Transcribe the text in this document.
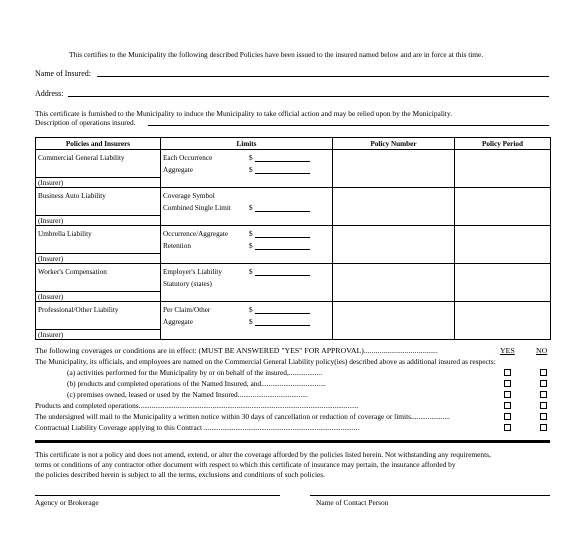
This certifies to the Municipality the following described Policies have been issued to the insured named below and are in force at this time.
Name of Insured:
Address:
This certificate is furnished to the Municipality to induce the Municipality to take official action and may be relied upon by the Municipality.
Description of operations insured.
Policies and Insurers	Limits	Policy Number	Policy Period

Commercial General Liability
(Insurer)	Each Occurrence $
Aggregate $		

Business Auto Liability
(Insurer)	Coverage Symbol
Combined Single Limit $		

Umbrella Liability
(Insurer)	Occurrence/Aggregate $
Retention $		

Worker's Compensation
(Insurer)	Employer's Liability $
Statutory (states)		

Professional/Other Liability
(Insurer)	Per Claim/Other $
Aggregate $		

The following coverages or conditions are in effect: (MUST BE ANSWERED "YES" FOR APPROVAL)......................................	YES	NO
The Municipality, its officials, and employees are named on the Commercial General Liability policy(ies) described above as additional insured as respects:
(a) activities performed for the Municipality by or on behalf of the insured,..................
(b) products and completed operations of the Named Insured, and...................................
(c) premises owned, leased or used by the Named Insured......................................
Products and completed operations.......................................................................................................................
The undersigned will mail to the Municipality a written notice within 30 days of cancellation or reduction of coverage or limits.....................
Contractual Liability Coverage applying to this Contract ....................................................................................
This certificate is not a policy and does not amend, extend, or alter the coverage afforded by the policies listed herein. Not withstanding any requirements,
terms or conditions of any contractor other document with respect to which this certificate of insurance may pertain, the insurance afforded by
the policies described herein is subject to all the terms, exclusions and conditions of such policies.
Agency or Brokerage	Name of Contact Person
